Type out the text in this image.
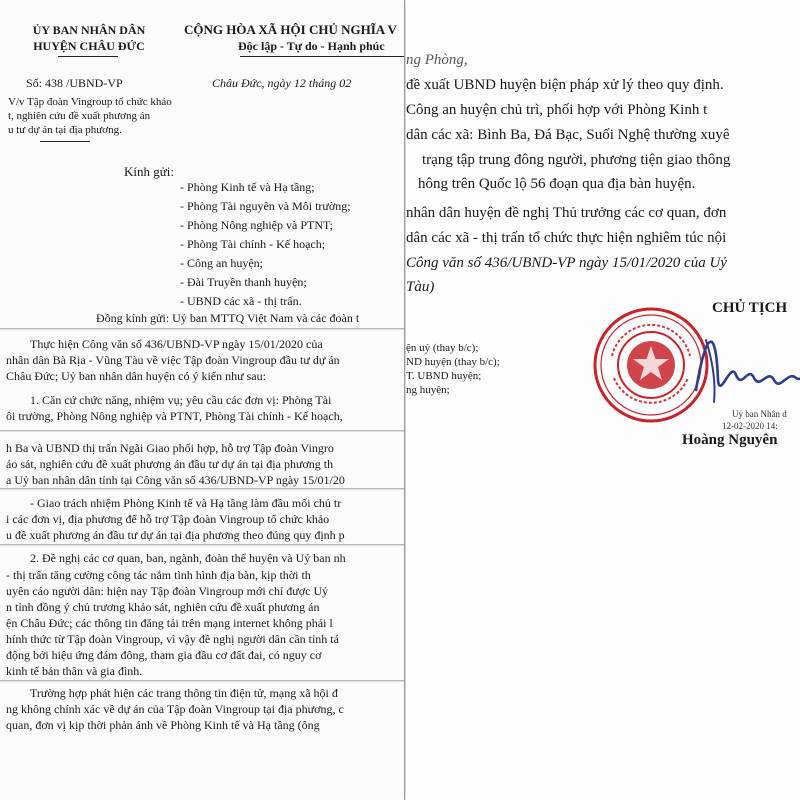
ỦY BAN NHÂN DÂN
HUYỆN CHÂU ĐỨC
CỘNG HÒA XÃ HỘI CHỦ NGHĨA V
Độc lập - Tự do - Hạnh phúc
Số: 438 /UBND-VP	Châu Đức, ngày 12 tháng 02
V/v Tập đoàn Vingroup tổ chức khảo
t, nghiên cứu đề xuất phương án
u tư dự án tại địa phương.
Kính gửi:
- Phòng Kinh tế và Hạ tầng;
- Phòng Tài nguyên và Môi trường;
- Phòng Nông nghiệp và PTNT;
- Phòng Tài chính - Kế hoạch;
- Công an huyện;
- Đài Truyền thanh huyện;
- UBND các xã - thị trấn.
Đồng kính gửi: Uỷ ban MTTQ Việt Nam và các đoàn t
Thực hiện Công văn số 436/UBND-VP ngày 15/01/2020 của
nhân dân Bà Rịa - Vũng Tàu về việc Tập đoàn Vingroup đầu tư dự án
Châu Đức; Uỷ ban nhân dân huyện có ý kiến như sau:
1. Căn cứ chức năng, nhiệm vụ; yêu cầu các đơn vị: Phòng Tài
ôi trường, Phòng Nông nghiệp và PTNT, Phòng Tài chính - Kế hoạch,
h Ba và UBND thị trấn Ngãi Giao phối hợp, hỗ trợ Tập đoàn Vingro
ảo sát, nghiên cứu đề xuất phương án đầu tư dự án tại địa phương th
a Uỷ ban nhân dân tỉnh tại Công văn số 436/UBND-VP ngày 15/01/20
- Giao trách nhiệm Phòng Kinh tế và Hạ tầng làm đầu mối chủ tr
i các đơn vị, địa phương để hỗ trợ Tập đoàn Vingroup tổ chức khảo
u đề xuất phương án đầu tư dự án tại địa phương theo đúng quy định p
2. Đề nghị các cơ quan, ban, ngành, đoàn thể huyện và Uỷ ban nh
- thị trấn tăng cường công tác nắm tình hình địa bàn, kịp thời th
uyên cáo người dân: hiện nay Tập đoàn Vingroup mới chỉ được Uỷ
n tỉnh đồng ý chủ trương khảo sát, nghiên cứu đề xuất phương án
ện Châu Đức; các thông tin đăng tải trên mạng internet không phải l
hính thức từ Tập đoàn Vingroup, vì vậy đề nghị người dân cần tỉnh tá
động bởi hiệu ứng đám đông, tham gia đầu cơ đất đai, có nguy cơ
kinh tế bản thân và gia đình.
Trường hợp phát hiện các trang thông tin điện tử, mạng xã hội đ
ng không chính xác về dự án của Tập đoàn Vingroup tại địa phương, c
quan, đơn vị kịp thời phản ánh về Phòng Kinh tế và Hạ tầng (ông
ng Phòng,
đề xuất UBND huyện biện pháp xử lý theo quy định.
Công an huyện chủ trì, phối hợp với Phòng Kinh t
dân các xã: Bình Ba, Đá Bạc, Suối Nghệ thường xuyê
trạng tập trung đông người, phương tiện giao thông
hông trên Quốc lộ 56 đoạn qua địa bàn huyện.
nhân dân huyện đề nghị Thủ trưởng các cơ quan, đơn
dân các xã - thị trấn tổ chức thực hiện nghiêm túc nội
Công văn số 436/UBND-VP ngày 15/01/2020 của Uỷ
Tàu)
CHỦ TỊCH
Uỷ ban Nhân d
12-02-2020 14:
Hoàng Nguyên
ện uỷ (thay b/c);
ND huyện (thay b/c);
T. UBND huyện;
ng huyện;
